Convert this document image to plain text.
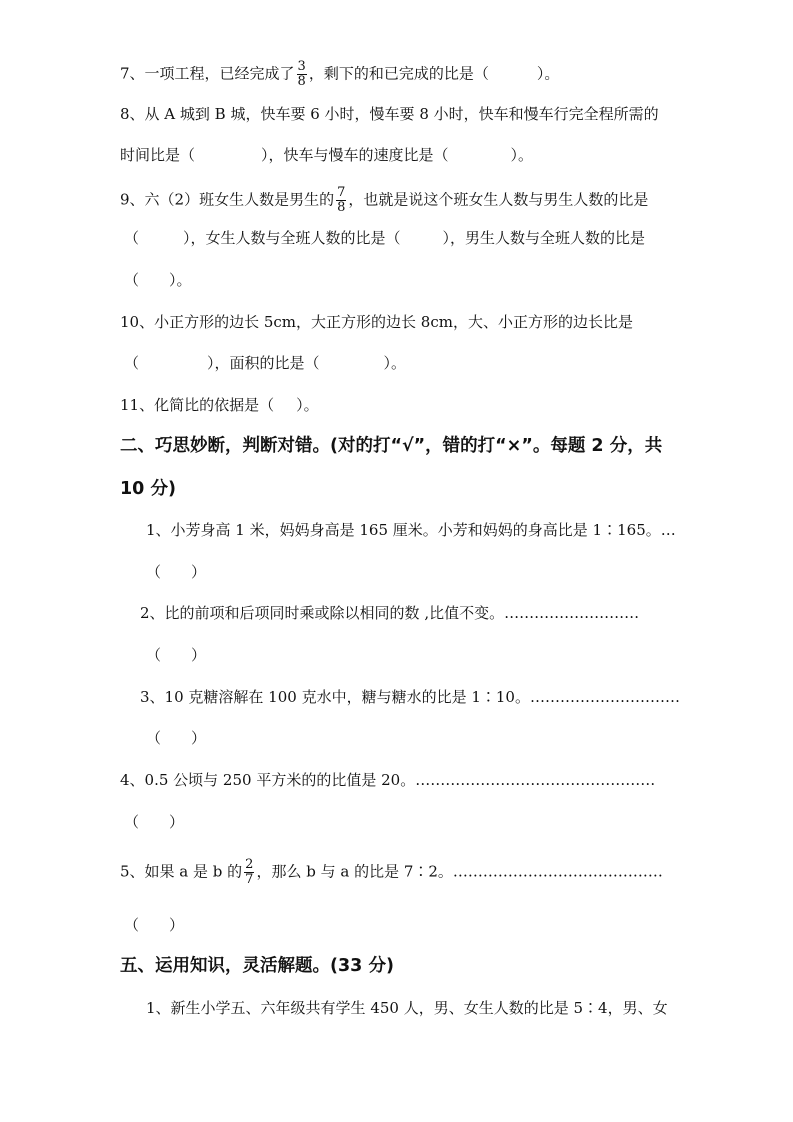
7、一项工程，已经完成了 $\frac{3}{8}$ ，剩下的和已完成的比是（	）。
8、从 A 城到 B 城，快车要 6 小时，慢车要 8 小时，快车和慢车行完全程所需的
时间比是（	），快车与慢车的速度比是（	）。
9、六（2）班女生人数是男生的 $\frac{7}{8}$ ，也就是说这个班女生人数与男生人数的比是
（	），女生人数与全班人数的比是（	），男生人数与全班人数的比是
（ ）。
10、小正方形的边长 5cm，大正方形的边长 8cm，大、小正方形的边长比是
（	），面积的比是（	）。
11、化简比的依据是（ ）。
二、巧思妙断，判断对错。(对的打“√”，错的打“×”。每题 2 分，共
10 分)
1、小芳身高 1 米，妈妈身高是 165 厘米。小芳和妈妈的身高比是 1∶165。…
（　　）
2、比的前项和后项同时乘或除以相同的数 ,比值不变。………………………
（　　）
3、10 克糖溶解在 100 克水中，糖与糖水的比是 1∶10。…………………………
（　　）
4、0.5 公顷与 250 平方米的的比值是 20。…………………………………………
（　　）
5、如果 a 是 b 的 $\frac{2}{7}$ ，那么 b 与 a 的比是 7∶2。……………………………………
（　　）
五、运用知识，灵活解题。(33 分)
1、新生小学五、六年级共有学生 450 人，男、女生人数的比是 5∶4，男、女
